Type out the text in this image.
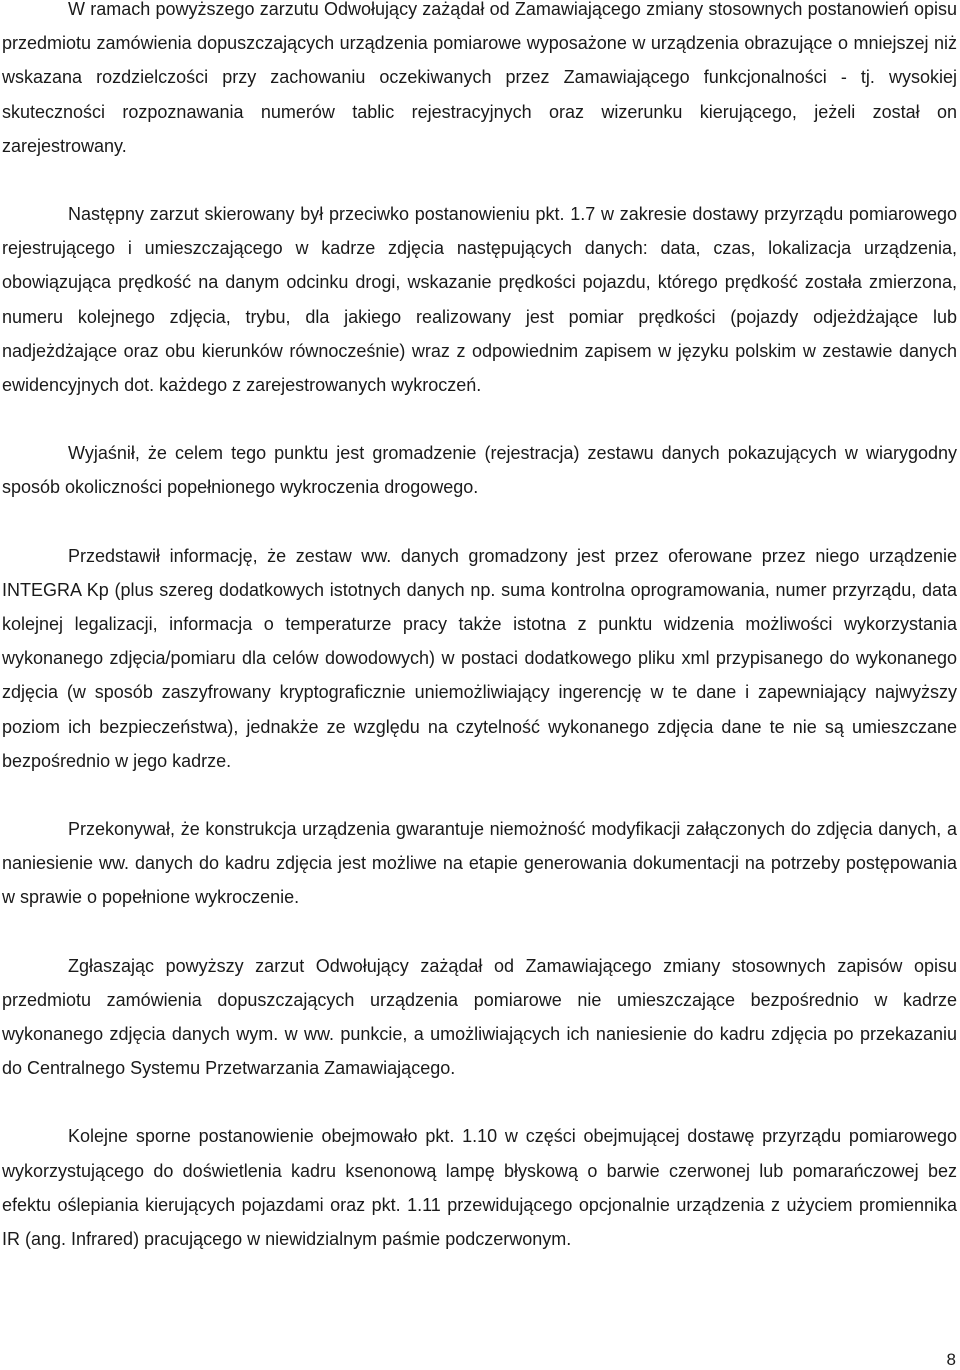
W ramach powyższego zarzutu Odwołujący zażądał od Zamawiającego zmiany stosownych postanowień opisu przedmiotu zamówienia dopuszczających urządzenia pomiarowe wyposażone w urządzenia obrazujące o mniejszej niż wskazana rozdzielczości przy zachowaniu oczekiwanych przez Zamawiającego funkcjonalności - tj. wysokiej skuteczności rozpoznawania numerów tablic rejestracyjnych oraz wizerunku kierującego, jeżeli został on zarejestrowany.

Następny zarzut skierowany był przeciwko postanowieniu pkt. 1.7 w zakresie dostawy przyrządu pomiarowego rejestrującego i umieszczającego w kadrze zdjęcia następujących danych: data, czas, lokalizacja urządzenia, obowiązująca prędkość na danym odcinku drogi, wskazanie prędkości pojazdu, którego prędkość została zmierzona, numeru kolejnego zdjęcia, trybu, dla jakiego realizowany jest pomiar prędkości (pojazdy odjeżdżające lub nadjeżdżające oraz obu kierunków równocześnie) wraz z odpowiednim zapisem w języku polskim w zestawie danych ewidencyjnych dot. każdego z zarejestrowanych wykroczeń.

Wyjaśnił, że celem tego punktu jest gromadzenie (rejestracja) zestawu danych pokazujących w wiarygodny sposób okoliczności popełnionego wykroczenia drogowego.

Przedstawił informację, że zestaw ww. danych gromadzony jest przez oferowane przez niego urządzenie INTEGRA Kp (plus szereg dodatkowych istotnych danych np. suma kontrolna oprogramowania, numer przyrządu, data kolejnej legalizacji, informacja o temperaturze pracy także istotna z punktu widzenia możliwości wykorzystania wykonanego zdjęcia/pomiaru dla celów dowodowych) w postaci dodatkowego pliku xml przypisanego do wykonanego zdjęcia (w sposób zaszyfrowany kryptograficznie uniemożliwiający ingerencję w te dane i zapewniający najwyższy poziom ich bezpieczeństwa), jednakże ze względu na czytelność wykonanego zdjęcia dane te nie są umieszczane bezpośrednio w jego kadrze.

Przekonywał, że konstrukcja urządzenia gwarantuje niemożność modyfikacji załączonych do zdjęcia danych, a naniesienie ww. danych do kadru zdjęcia jest możliwe na etapie generowania dokumentacji na potrzeby postępowania w sprawie o popełnione wykroczenie.

Zgłaszając powyższy zarzut Odwołujący zażądał od Zamawiającego zmiany stosownych zapisów opisu przedmiotu zamówienia dopuszczających urządzenia pomiarowe nie umieszczające bezpośrednio w kadrze wykonanego zdjęcia danych wym. w ww. punkcie, a umożliwiających ich naniesienie do kadru zdjęcia po przekazaniu do Centralnego Systemu Przetwarzania Zamawiającego.

Kolejne sporne postanowienie obejmowało pkt. 1.10 w części obejmującej dostawę przyrządu pomiarowego wykorzystującego do doświetlenia kadru ksenonową lampę błyskową o barwie czerwonej lub pomarańczowej bez efektu oślepiania kierujących pojazdami oraz pkt. 1.11 przewidującego opcjonalnie urządzenia z użyciem promiennika IR (ang. Infrared) pracującego w niewidzialnym paśmie podczerwonym.

8
